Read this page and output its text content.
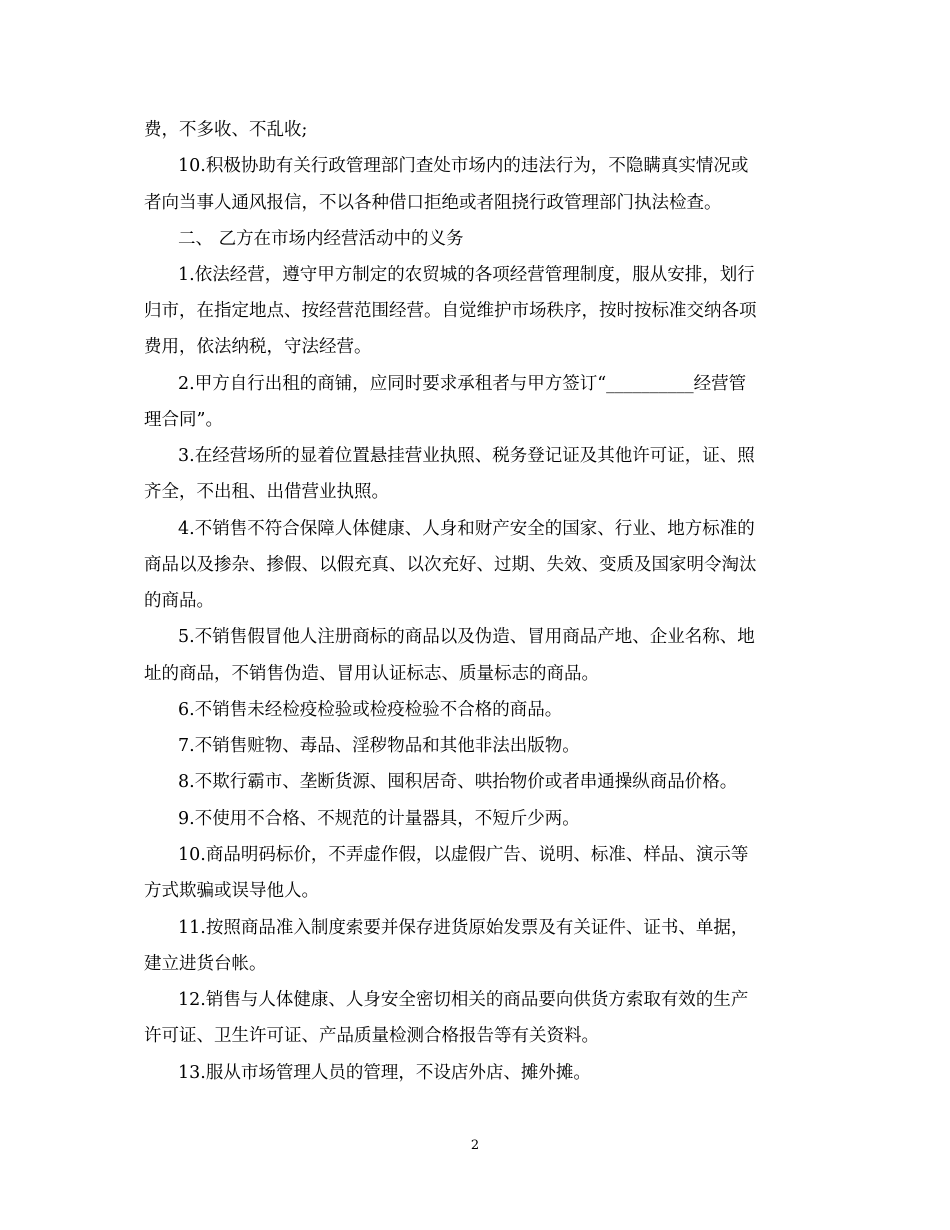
费，不多收、不乱收;
10.积极协助有关行政管理部门查处市场内的违法行为，不隐瞒真实情况或
者向当事人通风报信，不以各种借口拒绝或者阻挠行政管理部门执法检查。
二、 乙方在市场内经营活动中的义务
1.依法经营，遵守甲方制定的农贸城的各项经营管理制度，服从安排，划行
归市，在指定地点、按经营范围经营。自觉维护市场秩序，按时按标准交纳各项
费用，依法纳税，守法经营。
2.甲方自行出租的商铺，应同时要求承租者与甲方签订“__________经营管
理合同”。
3.在经营场所的显着位置悬挂营业执照、税务登记证及其他许可证，证、照
齐全，不出租、出借营业执照。
4.不销售不符合保障人体健康、人身和财产安全的国家、行业、地方标准的
商品以及掺杂、掺假、以假充真、以次充好、过期、失效、变质及国家明令淘汰
的商品。
5.不销售假冒他人注册商标的商品以及伪造、冒用商品产地、企业名称、地
址的商品，不销售伪造、冒用认证标志、质量标志的商品。
6.不销售未经检疫检验或检疫检验不合格的商品。
7.不销售赃物、毒品、淫秽物品和其他非法出版物。
8.不欺行霸市、垄断货源、囤积居奇、哄抬物价或者串通操纵商品价格。
9.不使用不合格、不规范的计量器具，不短斤少两。
10.商品明码标价，不弄虚作假，以虚假广告、说明、标准、样品、演示等
方式欺骗或误导他人。
11.按照商品准入制度索要并保存进货原始发票及有关证件、证书、单据，
建立进货台帐。
12.销售与人体健康、人身安全密切相关的商品要向供货方索取有效的生产
许可证、卫生许可证、产品质量检测合格报告等有关资料。
13.服从市场管理人员的管理，不设店外店、摊外摊。
2
